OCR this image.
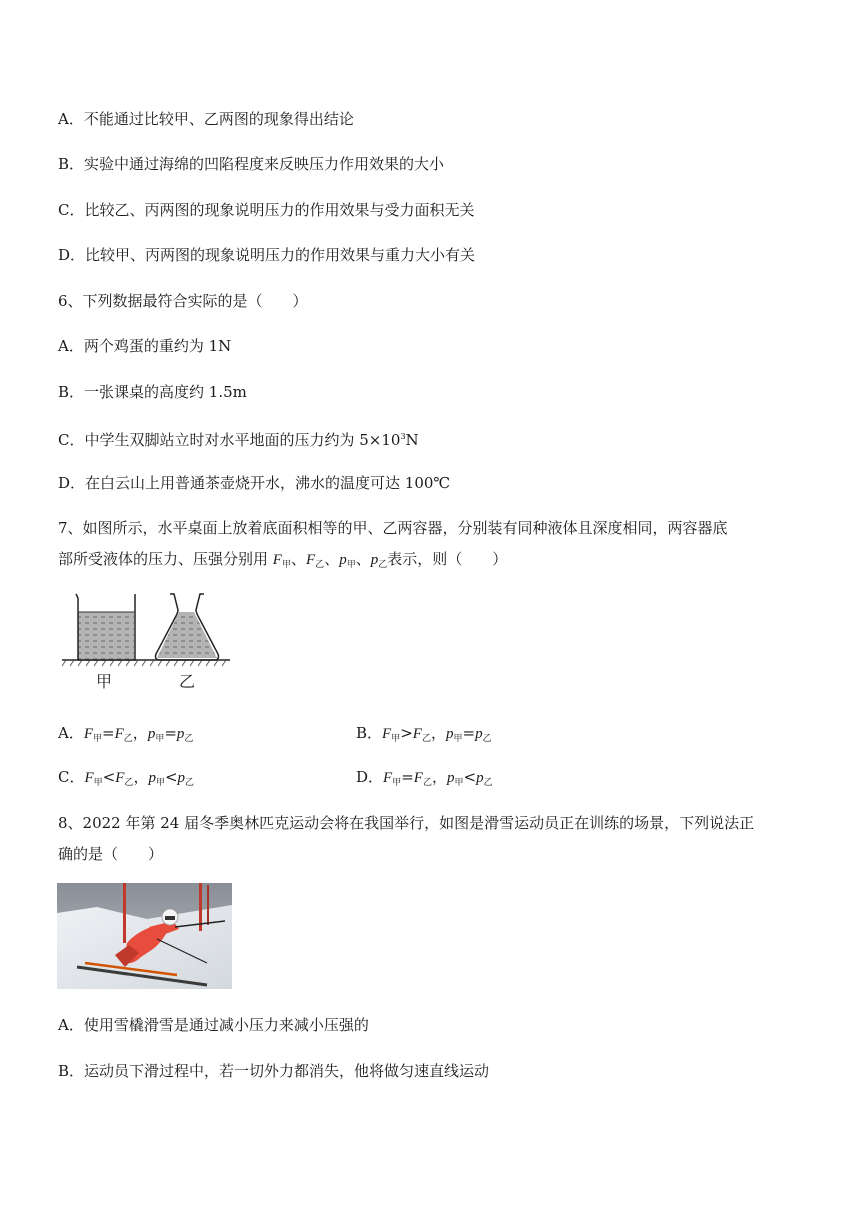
A．不能通过比较甲、乙两图的现象得出结论
B．实验中通过海绵的凹陷程度来反映压力作用效果的大小
C．比较乙、丙两图的现象说明压力的作用效果与受力面积无关
D．比较甲、丙两图的现象说明压力的作用效果与重力大小有关
6、下列数据最符合实际的是（　　）
A．两个鸡蛋的重约为 1N
B．一张课桌的高度约 1.5m
C．中学生双脚站立时对水平地面的压力约为 $5\times 10^3N$
D．在白云山上用普通茶壶烧开水，沸水的温度可达 100℃
7、如图所示，水平桌面上放着底面积相等的甲、乙两容器，分别装有同种液体且深度相同，两容器底
部所受液体的压力、压强分别用 $F_甲$、$F_乙$、$p_甲$、$p_乙$表示，则（　　）
甲	乙
A．$F_甲=F_乙$，$p_甲=p_乙$	B．$F_甲>F_乙$，$p_甲=p_乙$
C．$F_甲<F_乙$，$p_甲<p_乙$	D．$F_甲=F_乙$，$p_甲<p_乙$
8、2022 年第 24 届冬季奥林匹克运动会将在我国举行，如图是滑雪运动员正在训练的场景，下列说法正
确的是（　　）
A．使用雪橇滑雪是通过减小压力来减小压强的
B．运动员下滑过程中，若一切外力都消失，他将做匀速直线运动
